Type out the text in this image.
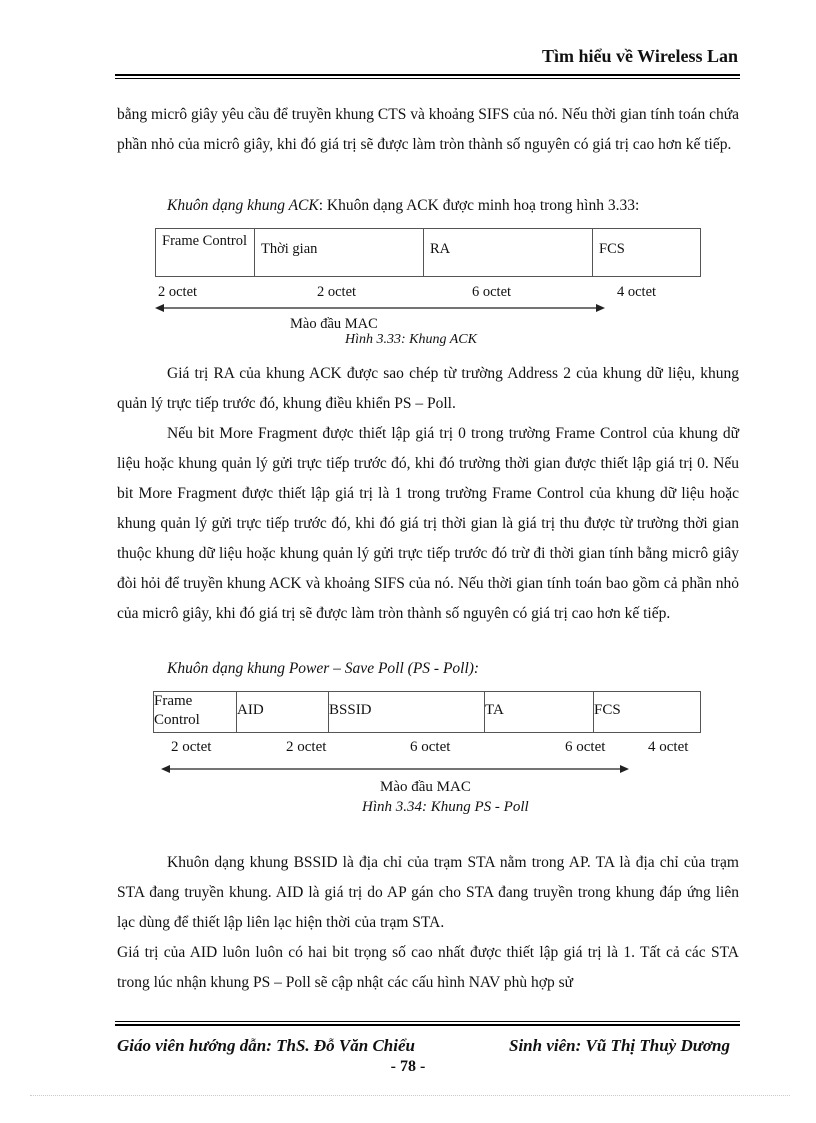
Tìm hiểu về Wireless Lan

bằng micrô giây yêu cầu để truyền khung CTS và khoảng SIFS của nó. Nếu thời gian tính toán chứa phần nhỏ của micrô giây, khi đó giá trị sẽ được làm tròn thành số nguyên có giá trị cao hơn kế tiếp.

Khuôn dạng khung ACK: Khuôn dạng ACK được minh hoạ trong hình 3.33:

Frame Control	Thời gian	RA	FCS
2 octet	2 octet	6 octet	4 octet
Mào đầu MAC
Hình 3.33: Khung ACK

Giá trị RA của khung ACK được sao chép từ trường Address 2 của khung dữ liệu, khung quản lý trực tiếp trước đó, khung điều khiển PS – Poll.

Nếu bit More Fragment được thiết lập giá trị 0 trong trường Frame Control của khung dữ liệu hoặc khung quản lý gửi trực tiếp trước đó, khi đó trường thời gian được thiết lập giá trị 0. Nếu bit More Fragment được thiết lập giá trị là 1 trong trường Frame Control của khung dữ liệu hoặc khung quản lý gửi trực tiếp trước đó, khi đó giá trị thời gian là giá trị thu được từ trường thời gian thuộc khung dữ liệu hoặc khung quản lý gửi trực tiếp trước đó trừ đi thời gian tính bằng micrô giây đòi hỏi để truyền khung ACK và khoảng SIFS của nó. Nếu thời gian tính toán bao gồm cả phần nhỏ của micrô giây, khi đó giá trị sẽ được làm tròn thành số nguyên có giá trị cao hơn kế tiếp.

Khuôn dạng khung Power – Save Poll (PS - Poll):
Frame Control	AID	BSSID	TA	FCS
2 octet	2 octet	6 octet	6 octet	4 octet
Mào đầu MAC
Hình 3.34: Khung PS - Poll

Khuôn dạng khung BSSID là địa chỉ của trạm STA nằm trong AP. TA là địa chỉ của trạm STA đang truyền khung. AID là giá trị do AP gán cho STA đang truyền trong khung đáp ứng liên lạc dùng để thiết lập liên lạc hiện thời của trạm STA.

Giá trị của AID luôn luôn có hai bit trọng số cao nhất được thiết lập giá trị là 1. Tất cả các STA trong lúc nhận khung PS – Poll sẽ cập nhật các cấu hình NAV phù hợp sử

Giáo viên hướng dẫn: ThS. Đỗ Văn Chiểu	Sinh viên: Vũ Thị Thuỳ Dương
- 78 -
